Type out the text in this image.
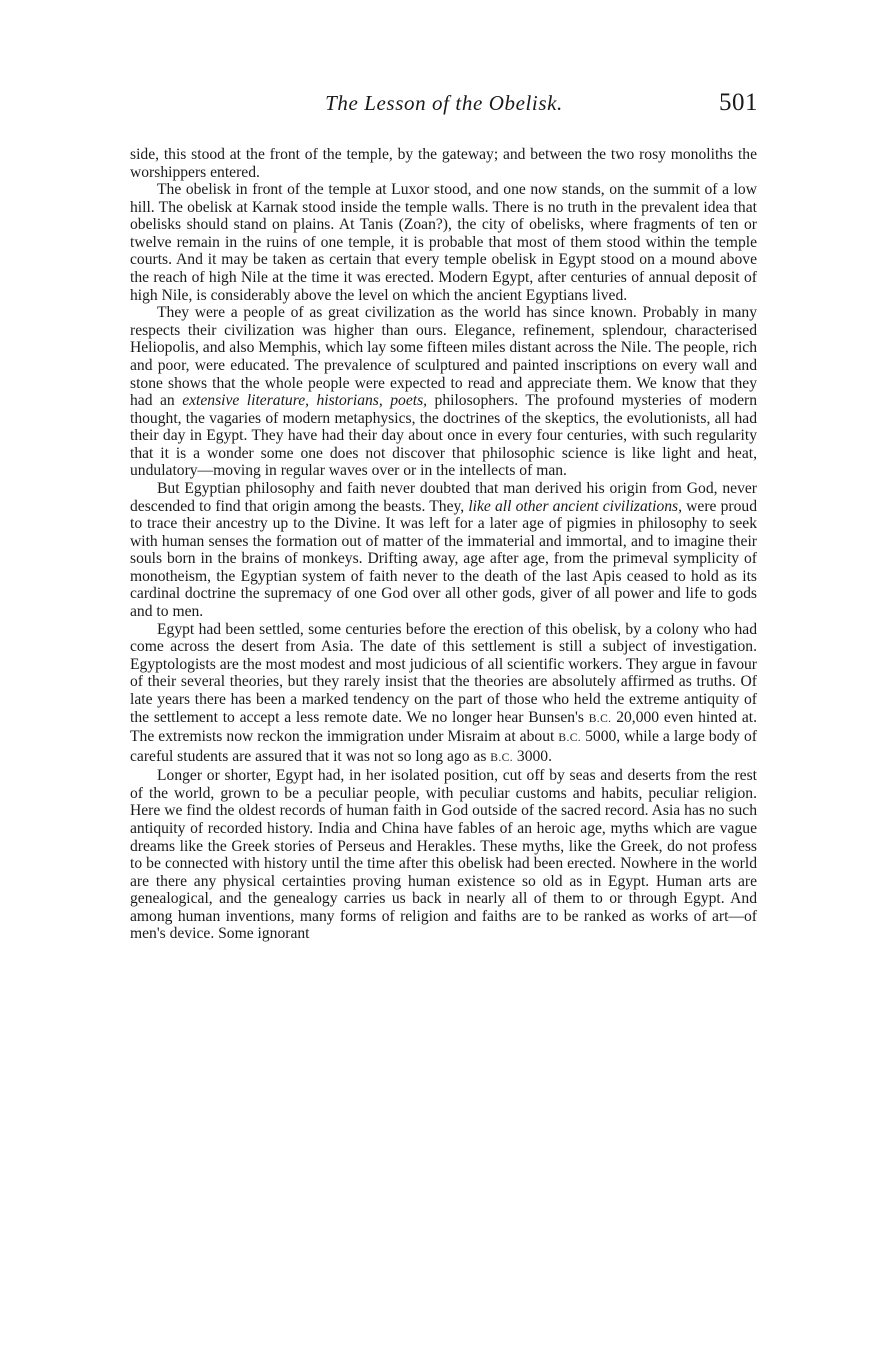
The Lesson of the Obelisk.	501

side, this stood at the front of the temple, by the gateway; and between the two rosy monoliths the worshippers entered.

The obelisk in front of the temple at Luxor stood, and one now stands, on the summit of a low hill. The obelisk at Karnak stood inside the temple walls. There is no truth in the prevalent idea that obelisks should stand on plains. At Tanis (Zoan?), the city of obelisks, where fragments of ten or twelve remain in the ruins of one temple, it is probable that most of them stood within the temple courts. And it may be taken as certain that every temple obelisk in Egypt stood on a mound above the reach of high Nile at the time it was erected. Modern Egypt, after centuries of annual deposit of high Nile, is considerably above the level on which the ancient Egyptians lived.

They were a people of as great civilization as the world has since known. Probably in many respects their civilization was higher than ours. Elegance, refinement, splendour, characterised Heliopolis, and also Memphis, which lay some fifteen miles distant across the Nile. The people, rich and poor, were educated. The prevalence of sculptured and painted inscriptions on every wall and stone shows that the whole people were expected to read and appreciate them. We know that they had an extensive literature, historians, poets, philosophers. The profound mysteries of modern thought, the vagaries of modern metaphysics, the doctrines of the skeptics, the evolutionists, all had their day in Egypt. They have had their day about once in every four centuries, with such regularity that it is a wonder some one does not discover that philosophic science is like light and heat, undulatory—moving in regular waves over or in the intellects of man.

But Egyptian philosophy and faith never doubted that man derived his origin from God, never descended to find that origin among the beasts. They, like all other ancient civilizations, were proud to trace their ancestry up to the Divine. It was left for a later age of pigmies in philosophy to seek with human senses the formation out of matter of the immaterial and immortal, and to imagine their souls born in the brains of monkeys. Drifting away, age after age, from the primeval symplicity of monotheism, the Egyptian system of faith never to the death of the last Apis ceased to hold as its cardinal doctrine the supremacy of one God over all other gods, giver of all power and life to gods and to men.

Egypt had been settled, some centuries before the erection of this obelisk, by a colony who had come across the desert from Asia. The date of this settlement is still a subject of investigation. Egyptologists are the most modest and most judicious of all scientific workers. They argue in favour of their several theories, but they rarely insist that the theories are absolutely affirmed as truths. Of late years there has been a marked tendency on the part of those who held the extreme antiquity of the settlement to accept a less remote date. We no longer hear Bunsen's B.C. 20,000 even hinted at. The extremists now reckon the immigration under Misraim at about B.C. 5000, while a large body of careful students are assured that it was not so long ago as B.C. 3000.

Longer or shorter, Egypt had, in her isolated position, cut off by seas and deserts from the rest of the world, grown to be a peculiar people, with peculiar customs and habits, peculiar religion. Here we find the oldest records of human faith in God outside of the sacred record. Asia has no such antiquity of recorded history. India and China have fables of an heroic age, myths which are vague dreams like the Greek stories of Perseus and Herakles. These myths, like the Greek, do not profess to be connected with history until the time after this obelisk had been erected. Nowhere in the world are there any physical certainties proving human existence so old as in Egypt. Human arts are genealogical, and the genealogy carries us back in nearly all of them to or through Egypt. And among human inventions, many forms of religion and faiths are to be ranked as works of art—of men's device. Some ignorant
